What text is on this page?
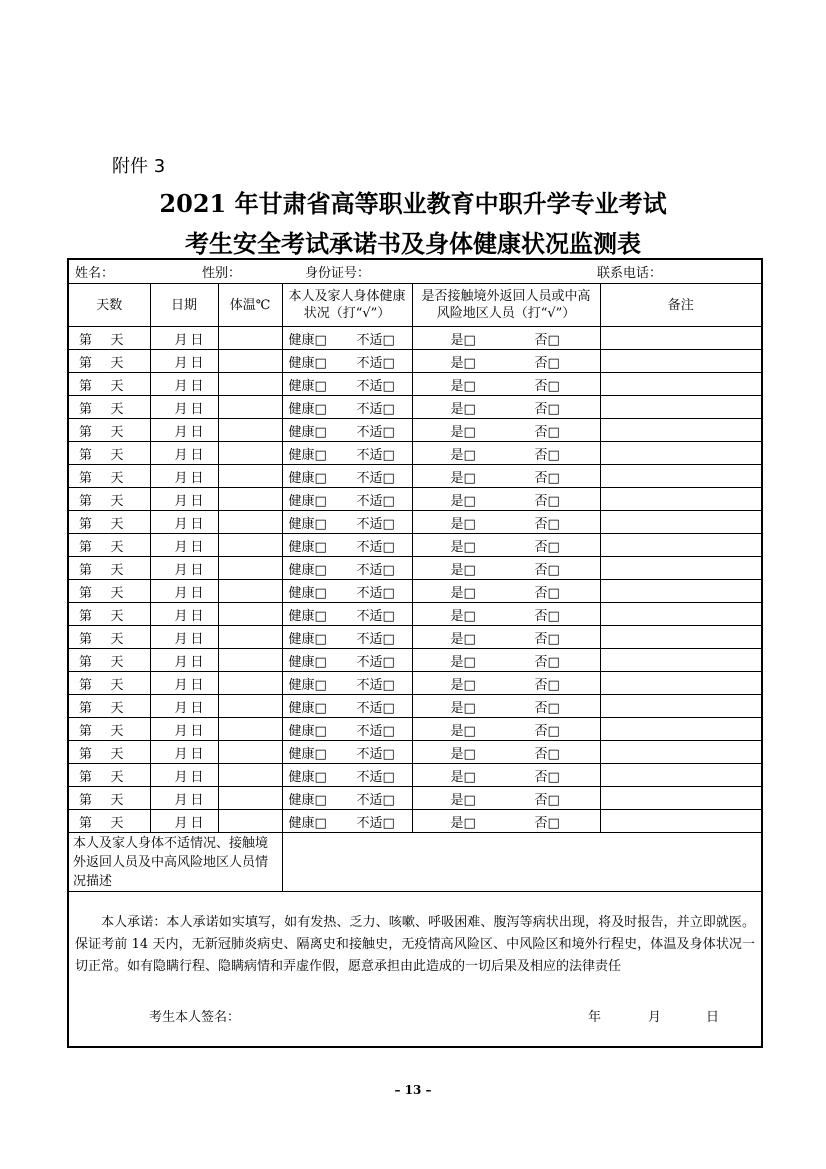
附件 3
2021 年甘肃省高等职业教育中职升学专业考试
考生安全考试承诺书及身体健康状况监测表
姓名： 性别： 身份证号： 联系电话：					

天数	日期	体温℃	本人及家人身体健康状况（打“√”）	是否接触境外返回人员或中高风险地区人员（打“√”）	备注

第 天	月 日		健康□ 不适□	是□ 否□	

第 天	月 日		健康□ 不适□	是□ 否□	

第 天	月 日		健康□ 不适□	是□ 否□	

第 天	月 日		健康□ 不适□	是□ 否□	

第 天	月 日		健康□ 不适□	是□ 否□	

第 天	月 日		健康□ 不适□	是□ 否□	

第 天	月 日		健康□ 不适□	是□ 否□	

第 天	月 日		健康□ 不适□	是□ 否□	

第 天	月 日		健康□ 不适□	是□ 否□	

第 天	月 日		健康□ 不适□	是□ 否□	

第 天	月 日		健康□ 不适□	是□ 否□	

第 天	月 日		健康□ 不适□	是□ 否□	

第 天	月 日		健康□ 不适□	是□ 否□	

第 天	月 日		健康□ 不适□	是□ 否□	

第 天	月 日		健康□ 不适□	是□ 否□	

第 天	月 日		健康□ 不适□	是□ 否□	

第 天	月 日		健康□ 不适□	是□ 否□	

第 天	月 日		健康□ 不适□	是□ 否□	

第 天	月 日		健康□ 不适□	是□ 否□	

第 天	月 日		健康□ 不适□	是□ 否□	

第 天	月 日		健康□ 不适□	是□ 否□	

第 天	月 日		健康□ 不适□	是□ 否□	

本人及家人身体不适情况、接触境外返回人员及中高风险地区人员情况描述					

本人承诺：本人承诺如实填写，如有发热、乏力、咳嗽、呼吸困难、腹泻等病状出现，将及时报告，并立即就医。保证考前 14 天内，无新冠肺炎病史、隔离史和接触史，无疫情高风险区、中风险区和境外行程史，体温及身体状况一切正常。如有隐瞒行程、隐瞒病情和弄虚作假，愿意承担由此造成的一切后果及相应的法律责任
考生本人签名： 年 月 日					
– 13 –
